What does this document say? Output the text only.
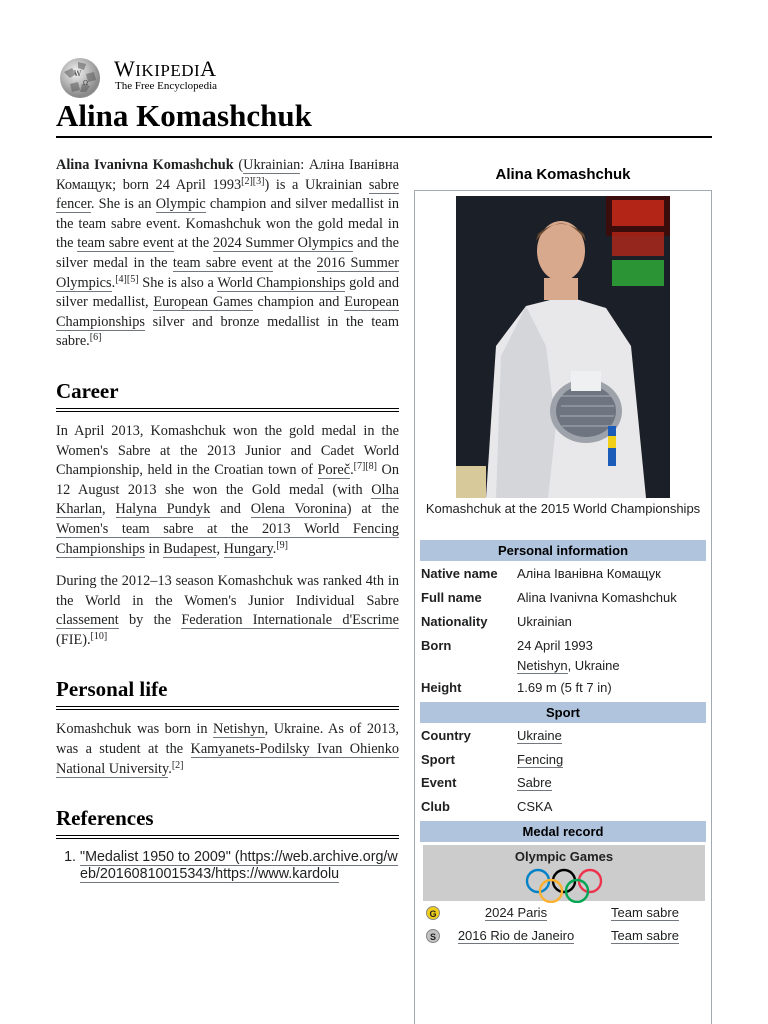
W
Ω
WIKIPEDIA
The Free Encyclopedia
Alina Komashchuk

Alina Ivanivna Komashchuk (Ukrainian: Аліна Іванівна Комащук; born 24 April 1993[2][3]) is a Ukrainian sabre fencer. She is an Olympic champion and silver medallist in the team sabre event. Komashchuk won the gold medal in the team sabre event at the 2024 Summer Olympics and the silver medal in the team sabre event at the 2016 Summer Olympics.[4][5] She is also a World Championships gold and silver medallist, European Games champion and European Championships silver and bronze medallist in the team sabre.[6]

Career

In April 2013, Komashchuk won the gold medal in the Women's Sabre at the 2013 Junior and Cadet World Championship, held in the Croatian town of Poreč.[7][8] On 12 August 2013 she won the Gold medal (with Olha Kharlan, Halyna Pundyk and Olena Voronina) at the Women's team sabre at the 2013 World Fencing Championships in Budapest, Hungary.[9]

During the 2012–13 season Komashchuk was ranked 4th in the World in the Women's Junior Individual Sabre classement by the Federation Internationale d'Escrime (FIE).[10]

Personal life

Komashchuk was born in Netishyn, Ukraine. As of 2013, was a student at the Kamyanets-Podilsky Ivan Ohienko National University.[2]

References
1. "Medalist 1950 to 2009" (https://web.archive.org/web/20160810015343/https://www.kardolu
Alina Komashchuk
Komashchuk at the 2015 World Championships
Personal information
Native name Аліна Іванівна Комащук
Full name	Alina Ivanivna Komashchuk
Nationality Ukrainian
Born	24 April 1993
Netishyn, Ukraine
Height	1.69 m (5 ft 7 in)
Sport
Country	Ukraine
Sport	Fencing
Event	Sabre
Club	CSKA
Medal record
Olympic Games
G	2024 Paris	Team sabre
S	2016 Rio de Janeiro	Team sabre
